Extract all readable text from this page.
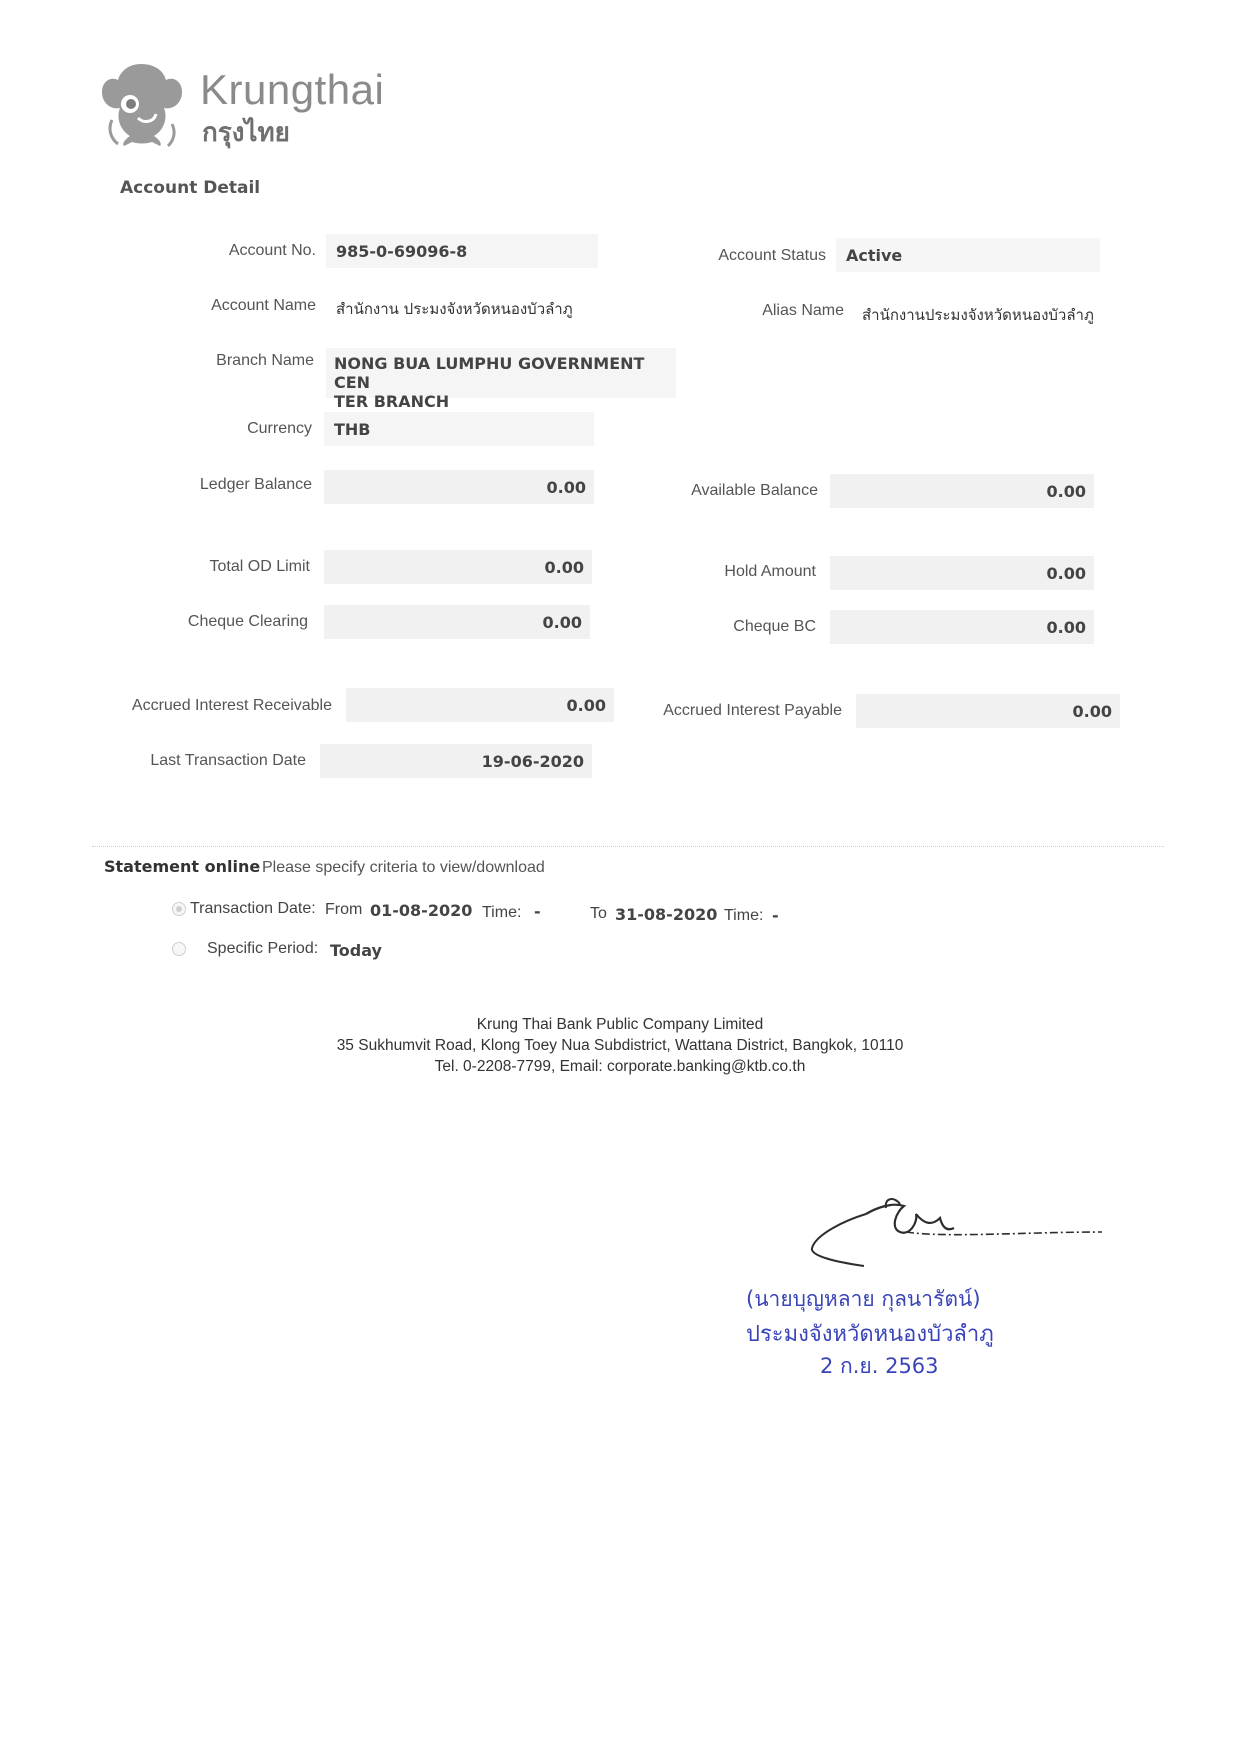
Krungthai
กรุงไทย
Account Detail
Account No. 985-0-69096-8	Account Status Active
Account Name สำนักงาน ประมงจังหวัดหนองบัวลำภู	Alias Name สำนักงานประมงจังหวัดหนองบัวลำภู
Branch Name NONG BUA LUMPHU GOVERNMENT CEN
TER BRANCH
Currency THB
Ledger Balance	0.00	Available Balance	0.00
Total OD Limit	0.00	Hold Amount	0.00
Cheque Clearing	0.00	Cheque BC	0.00
Accrued Interest Receivable	0.00	Accrued Interest Payable	0.00
Last Transaction Date	19-06-2020
Statement online Please specify criteria to view/download
Transaction Date: From 01-08-2020 Time: -	To 31-08-2020 Time: -
Specific Period: Today
Krung Thai Bank Public Company Limited
35 Sukhumvit Road, Klong Toey Nua Subdistrict, Wattana District, Bangkok, 10110
Tel. 0-2208-7799, Email: corporate.banking@ktb.co.th
(นายบุญหลาย กุลนารัตน์)
ประมงจังหวัดหนองบัวลำภู
2 ก.ย. 2563
